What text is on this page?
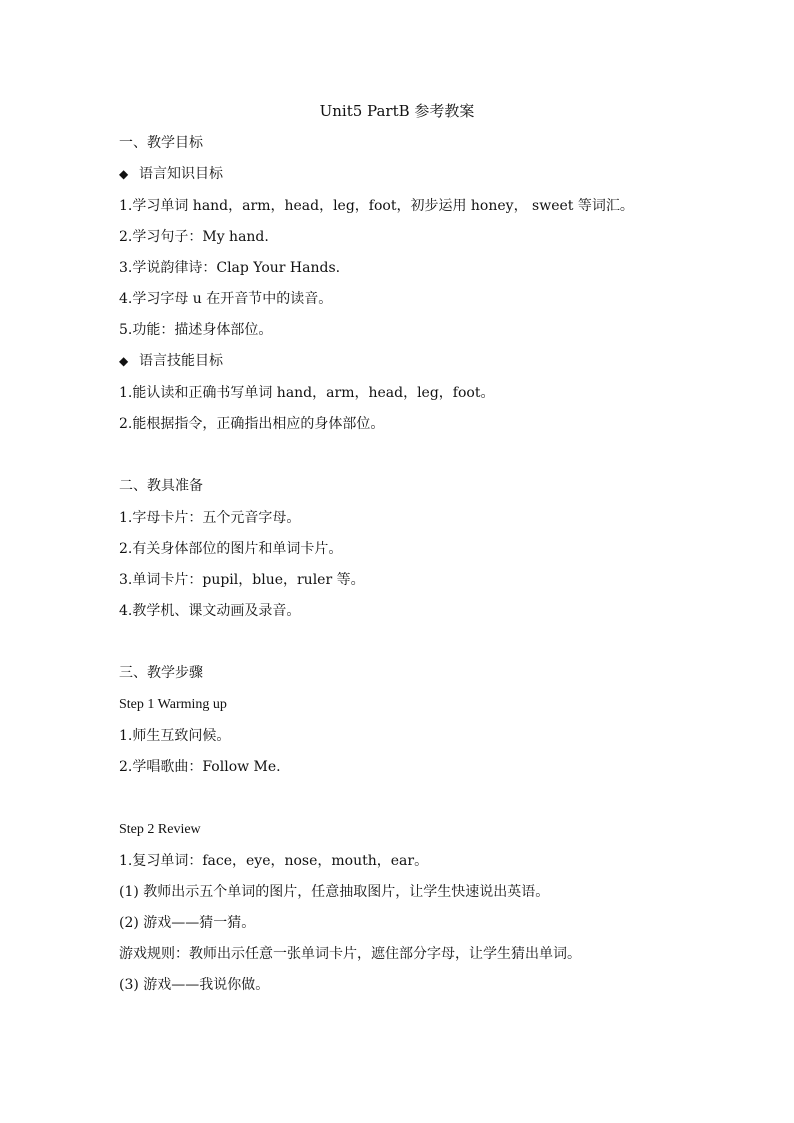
Unit5 PartB 参考教案
一、教学目标
◆ 语言知识目标
1.学习单词 hand，arm，head，leg，foot，初步运用 honey， sweet 等词汇。
2.学习句子：My hand.
3.学说韵律诗：Clap Your Hands.
4.学习字母 u 在开音节中的读音。
5.功能：描述身体部位。
◆ 语言技能目标
1.能认读和正确书写单词 hand，arm，head，leg，foot。
2.能根据指令，正确指出相应的身体部位。
二、教具准备
1.字母卡片：五个元音字母。
2.有关身体部位的图片和单词卡片。
3.单词卡片：pupil，blue，ruler 等。
4.教学机、课文动画及录音。
三、教学步骤
Step 1 Warming up
1.师生互致问候。
2.学唱歌曲：Follow Me.
Step 2 Review
1.复习单词：face，eye，nose，mouth，ear。
(1) 教师出示五个单词的图片，任意抽取图片，让学生快速说出英语。
(2) 游戏——猜一猜。
游戏规则：教师出示任意一张单词卡片，遮住部分字母，让学生猜出单词。
(3) 游戏——我说你做。
